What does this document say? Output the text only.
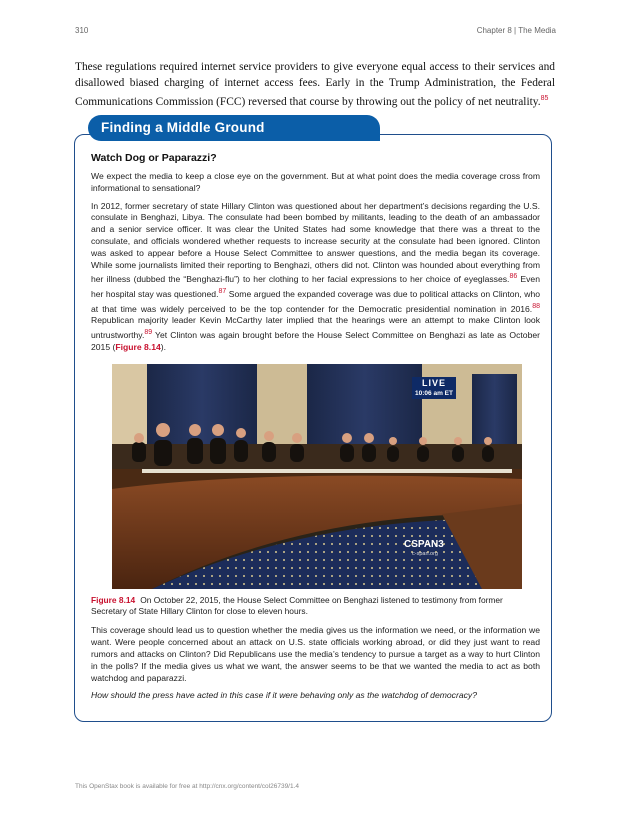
310	Chapter 8 | The Media

These regulations required internet service providers to give everyone equal access to their services and disallowed biased charging of internet access fees. Early in the Trump Administration, the Federal Communications Commission (FCC) reversed that course by throwing out the policy of net neutrality.$^{85}$

Watch Dog or Paparazzi?

We expect the media to keep a close eye on the government. But at what point does the media coverage cross from informational to sensational?

In 2012, former secretary of state Hillary Clinton was questioned about her department’s decisions regarding the U.S. consulate in Benghazi, Libya. The consulate had been bombed by militants, leading to the death of an ambassador and a senior service officer. It was clear the United States had some knowledge that there was a threat to the consulate, and officials wondered whether requests to increase security at the consulate had been ignored. Clinton was asked to appear before a House Select Committee to answer questions, and the media began its coverage. While some journalists limited their reporting to Benghazi, others did not. Clinton was hounded about everything from her illness (dubbed the “Benghazi-flu”) to her clothing to her facial expressions to her choice of eyeglasses.$^{86}$ Even her hospital stay was questioned.$^{87}$ Some argued the expanded coverage was due to political attacks on Clinton, who at that time was widely perceived to be the top contender for the Democratic presidential nomination in 2016.88 Republican majority leader Kevin McCarthy later implied that the hearings were an attempt to make Clinton look untrustworthy.$^{89}$ Yet Clinton was again brought before the House Select Committee on Benghazi as late as October 2015 (Figure 8.14).

LIVE
10:06 am ET
CSPAN3
c-span.org

Figure 8.14 On October 22, 2015, the House Select Committee on Benghazi listened to testimony from former Secretary of State Hillary Clinton for close to eleven hours.

This coverage should lead us to question whether the media gives us the information we need, or the information we want. Were people concerned about an attack on U.S. state officials working abroad, or did they just want to read rumors and attacks on Clinton? Did Republicans use the media’s tendency to pursue a target as a way to hurt Clinton in the polls? If the media gives us what we want, the answer seems to be that we wanted the media to act as both watchdog and paparazzi.

How should the press have acted in this case if it were behaving only as the watchdog of democracy?

Finding a Middle Ground
This OpenStax book is available for free at http://cnx.org/content/col26739/1.4
